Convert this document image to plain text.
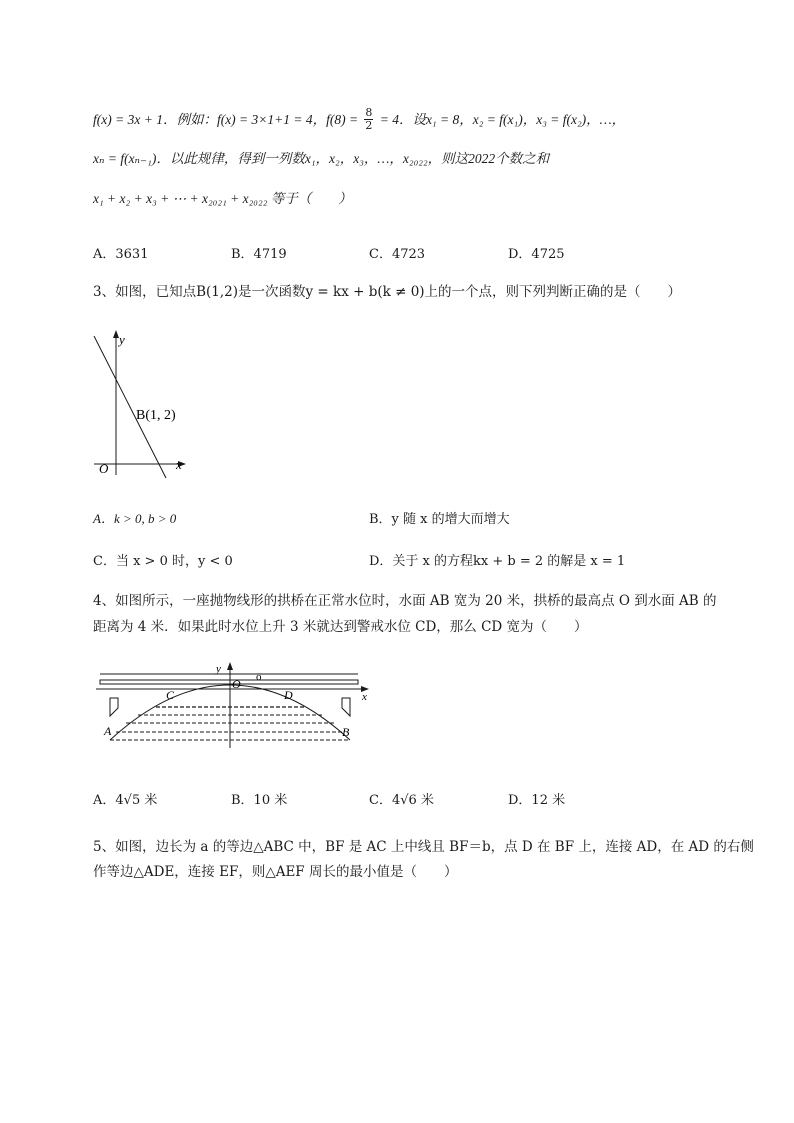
f(x) = 3x + 1．例如：f(x) = 3×1+1 = 4，$f(8) = \frac{8}{2} = 4$．设x₁ = 8，x₂ = f(x₁)，x₃ = f(x₂)，…，
xₙ = f(xₙ₋₁)．以此规律，得到一列数x₁，x₂，x₃，…，x₂₀₂₂，则这2022个数之和
x₁ + x₂ + x₃ + ⋯ + x₂₀₂₁ + x₂₀₂₂ 等于（　　）
A．3631	B．4719	C．4723	D．4725
3、如图，已知点B(1,2)是一次函数y = kx + b(k ≠ 0)上的一个点，则下列判断正确的是（　　）
y
x
O
B(1, 2)
A．k > 0, b > 0	B．y 随 x 的增大而增大
C．当 x > 0 时，y < 0	D．关于 x 的方程kx + b = 2 的解是 x = 1
4、如图所示，一座抛物线形的拱桥在正常水位时，水面 AB 宽为 20 米，拱桥的最高点 O 到水面 AB 的
距离为 4 米．如果此时水位上升 3 米就达到警戒水位 CD，那么 CD 宽为（　　）
y
x
O ō
C	D
A	B
A．4√5 米	B．10 米	C．4√6 米	D．12 米
5、如图，边长为 a 的等边△ABC 中，BF 是 AC 上中线且 BF＝b，点 D 在 BF 上，连接 AD，在 AD 的右侧
作等边△ADE，连接 EF，则△AEF 周长的最小值是（　　）
